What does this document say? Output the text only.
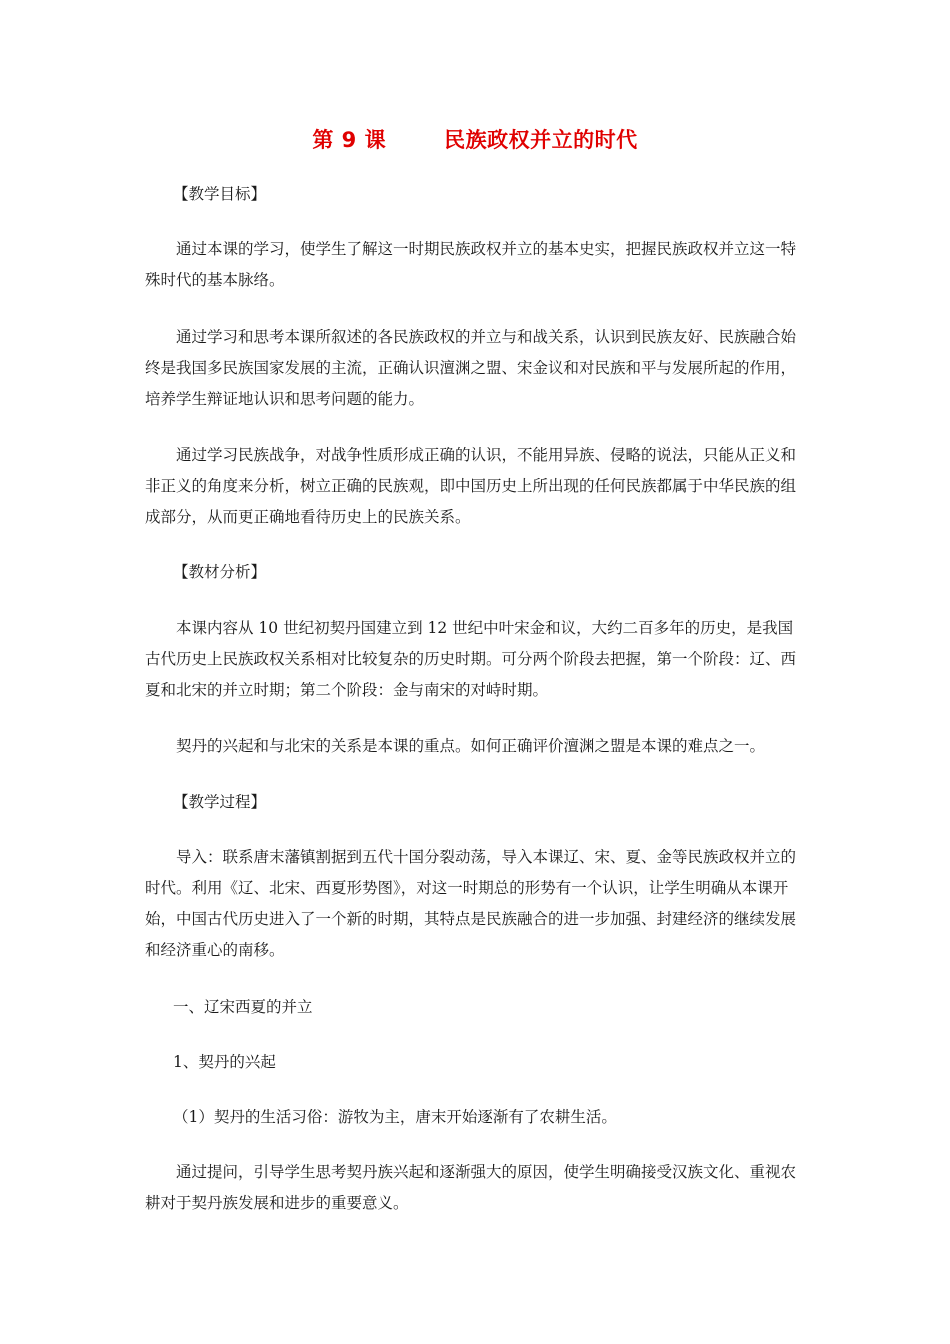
第 9 课	民族政权并立的时代

【教学目标】

通过本课的学习，使学生了解这一时期民族政权并立的基本史实，把握民族政权并立这一特殊时代的基本脉络。

通过学习和思考本课所叙述的各民族政权的并立与和战关系，认识到民族友好、民族融合始终是我国多民族国家发展的主流，正确认识澶渊之盟、宋金议和对民族和平与发展所起的作用，培养学生辩证地认识和思考问题的能力。

通过学习民族战争，对战争性质形成正确的认识，不能用异族、侵略的说法，只能从正义和非正义的角度来分析，树立正确的民族观，即中国历史上所出现的任何民族都属于中华民族的组成部分，从而更正确地看待历史上的民族关系。

【教材分析】

本课内容从 10 世纪初契丹国建立到 12 世纪中叶宋金和议，大约二百多年的历史，是我国古代历史上民族政权关系相对比较复杂的历史时期。可分两个阶段去把握，第一个阶段：辽、西夏和北宋的并立时期；第二个阶段：金与南宋的对峙时期。

契丹的兴起和与北宋的关系是本课的重点。如何正确评价澶渊之盟是本课的难点之一。

【教学过程】

导入：联系唐末藩镇割据到五代十国分裂动荡，导入本课辽、宋、夏、金等民族政权并立的时代。利用《辽、北宋、西夏形势图》，对这一时期总的形势有一个认识，让学生明确从本课开始，中国古代历史进入了一个新的时期，其特点是民族融合的进一步加强、封建经济的继续发展和经济重心的南移。

一、辽宋西夏的并立

1、契丹的兴起

（1）契丹的生活习俗：游牧为主，唐末开始逐渐有了农耕生活。

通过提问，引导学生思考契丹族兴起和逐渐强大的原因，使学生明确接受汉族文化、重视农耕对于契丹族发展和进步的重要意义。
